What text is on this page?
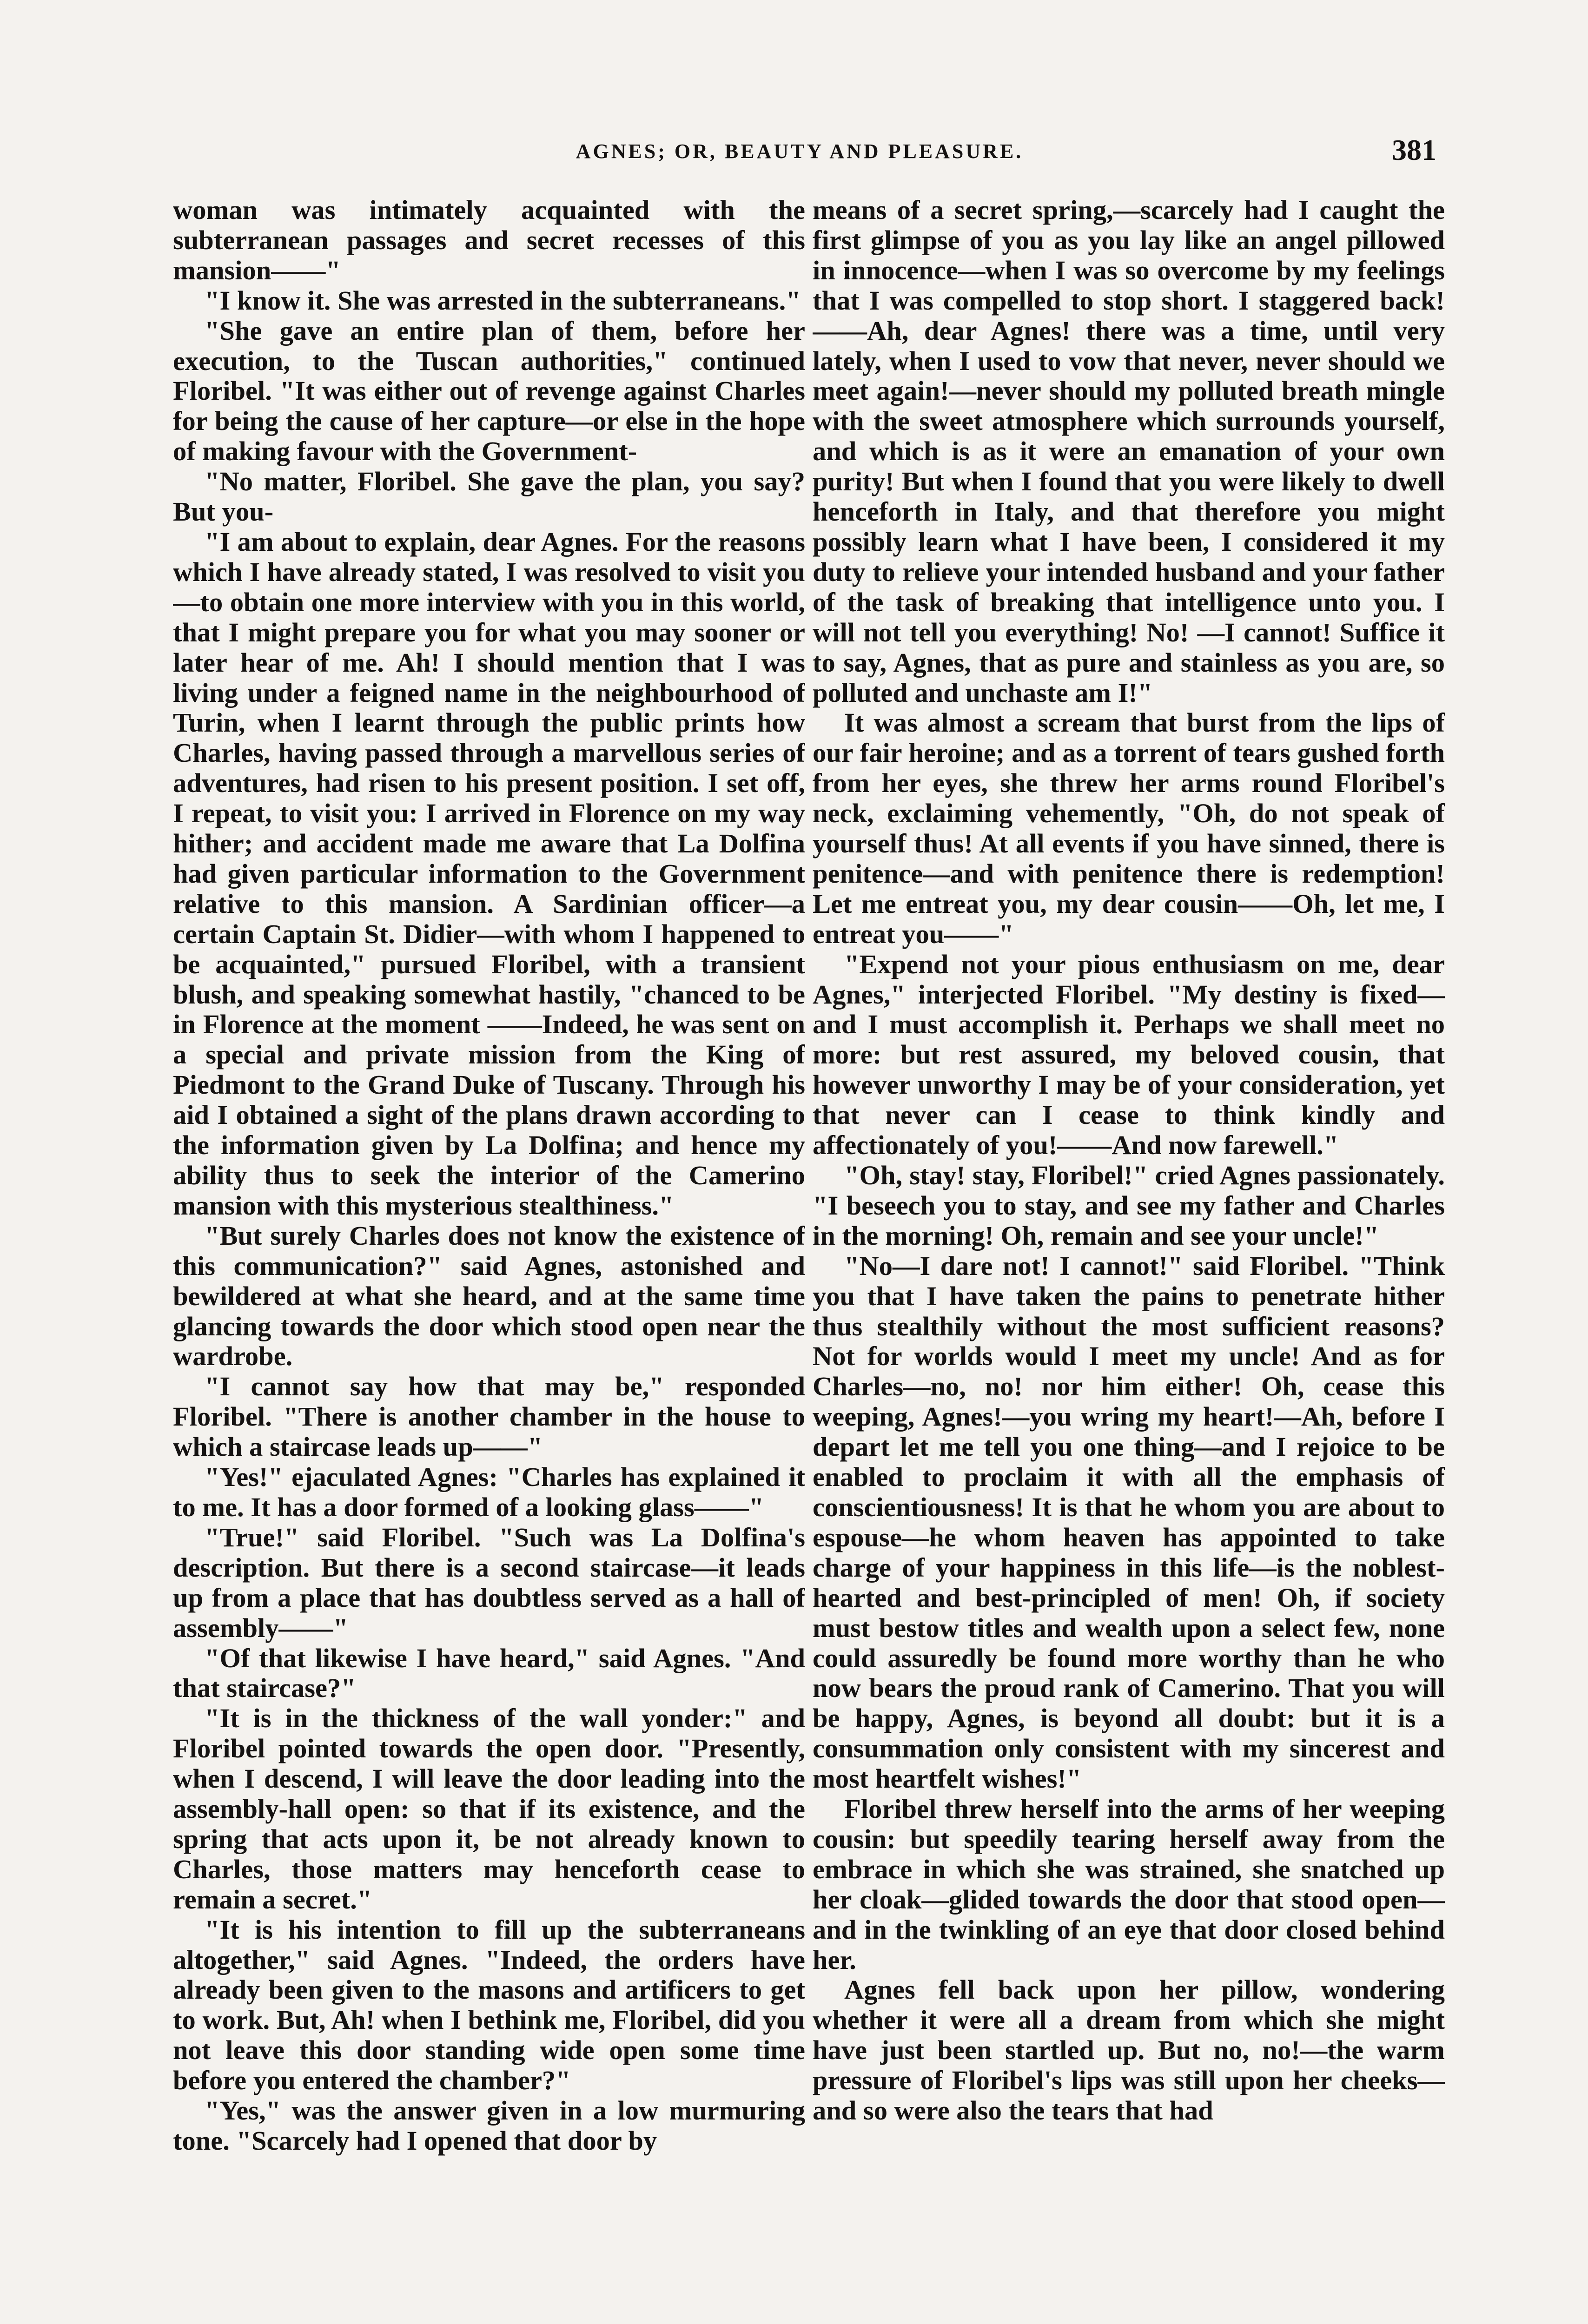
AGNES; OR, BEAUTY AND PLEASURE.	381

woman was intimately acquainted with the subterranean passages and secret recesses of this mansion——"

"I know it. She was arrested in the subterraneans."

"She gave an entire plan of them, before her execution, to the Tuscan authorities," continued Floribel. "It was either out of revenge against Charles for being the cause of her capture—or else in the hope of making favour with the Government-

"No matter, Floribel. She gave the plan, you say? But you-

"I am about to explain, dear Agnes. For the reasons which I have already stated, I was resolved to visit you—to obtain one more interview with you in this world, that I might prepare you for what you may sooner or later hear of me. Ah! I should mention that I was living under a feigned name in the neighbourhood of Turin, when I learnt through the public prints how Charles, having passed through a marvellous series of adventures, had risen to his present position. I set off, I repeat, to visit you: I arrived in Florence on my way hither; and accident made me aware that La Dolfina had given particular information to the Government relative to this mansion. A Sardinian officer—a certain Captain St. Didier—with whom I happened to be acquainted," pursued Floribel, with a transient blush, and speaking somewhat hastily, "chanced to be in Florence at the moment ——Indeed, he was sent on a special and private mission from the King of Piedmont to the Grand Duke of Tuscany. Through his aid I obtained a sight of the plans drawn according to the information given by La Dolfina; and hence my ability thus to seek the interior of the Camerino mansion with this mysterious stealthiness."

"But surely Charles does not know the existence of this communication?" said Agnes, astonished and bewildered at what she heard, and at the same time glancing towards the door which stood open near the wardrobe.

"I cannot say how that may be," responded Floribel. "There is another chamber in the house to which a staircase leads up——"

"Yes!" ejaculated Agnes: "Charles has explained it to me. It has a door formed of a looking glass——"

"True!" said Floribel. "Such was La Dolfina's description. But there is a second staircase—it leads up from a place that has doubtless served as a hall of assembly——"

"Of that likewise I have heard," said Agnes. "And that staircase?"

"It is in the thickness of the wall yonder:" and Floribel pointed towards the open door. "Presently, when I descend, I will leave the door leading into the assembly-hall open: so that if its existence, and the spring that acts upon it, be not already known to Charles, those matters may henceforth cease to remain a secret."

"It is his intention to fill up the subterraneans altogether," said Agnes. "Indeed, the orders have already been given to the masons and artificers to get to work. But, Ah! when I bethink me, Floribel, did you not leave this door standing wide open some time before you entered the chamber?"

"Yes," was the answer given in a low murmuring tone. "Scarcely had I opened that door by

means of a secret spring,—scarcely had I caught the first glimpse of you as you lay like an angel pillowed in innocence—when I was so overcome by my feelings that I was compelled to stop short. I staggered back! ——Ah, dear Agnes! there was a time, until very lately, when I used to vow that never, never should we meet again!—never should my polluted breath mingle with the sweet atmosphere which surrounds yourself, and which is as it were an emanation of your own purity! But when I found that you were likely to dwell henceforth in Italy, and that therefore you might possibly learn what I have been, I considered it my duty to relieve your intended husband and your father of the task of breaking that intelligence unto you. I will not tell you everything! No! —I cannot! Suffice it to say, Agnes, that as pure and stainless as you are, so polluted and unchaste am I!"

It was almost a scream that burst from the lips of our fair heroine; and as a torrent of tears gushed forth from her eyes, she threw her arms round Floribel's neck, exclaiming vehemently, "Oh, do not speak of yourself thus! At all events if you have sinned, there is penitence—and with penitence there is redemption! Let me entreat you, my dear cousin——Oh, let me, I entreat you——"

"Expend not your pious enthusiasm on me, dear Agnes," interjected Floribel. "My destiny is fixed—and I must accomplish it. Perhaps we shall meet no more: but rest assured, my beloved cousin, that however unworthy I may be of your consideration, yet that never can I cease to think kindly and affectionately of you!——And now farewell."

"Oh, stay! stay, Floribel!" cried Agnes passionately. "I beseech you to stay, and see my father and Charles in the morning! Oh, remain and see your uncle!"

"No—I dare not! I cannot!" said Floribel. "Think you that I have taken the pains to penetrate hither thus stealthily without the most sufficient reasons? Not for worlds would I meet my uncle! And as for Charles—no, no! nor him either! Oh, cease this weeping, Agnes!—you wring my heart!—Ah, before I depart let me tell you one thing—and I rejoice to be enabled to proclaim it with all the emphasis of conscientiousness! It is that he whom you are about to espouse—he whom heaven has appointed to take charge of your happiness in this life—is the noblest-hearted and best-principled of men! Oh, if society must bestow titles and wealth upon a select few, none could assuredly be found more worthy than he who now bears the proud rank of Camerino. That you will be happy, Agnes, is beyond all doubt: but it is a consummation only consistent with my sincerest and most heartfelt wishes!"

Floribel threw herself into the arms of her weeping cousin: but speedily tearing herself away from the embrace in which she was strained, she snatched up her cloak—glided towards the door that stood open—and in the twinkling of an eye that door closed behind her.

Agnes fell back upon her pillow, wondering whether it were all a dream from which she might have just been startled up. But no, no!—the warm pressure of Floribel's lips was still upon her cheeks—and so were also the tears that had
